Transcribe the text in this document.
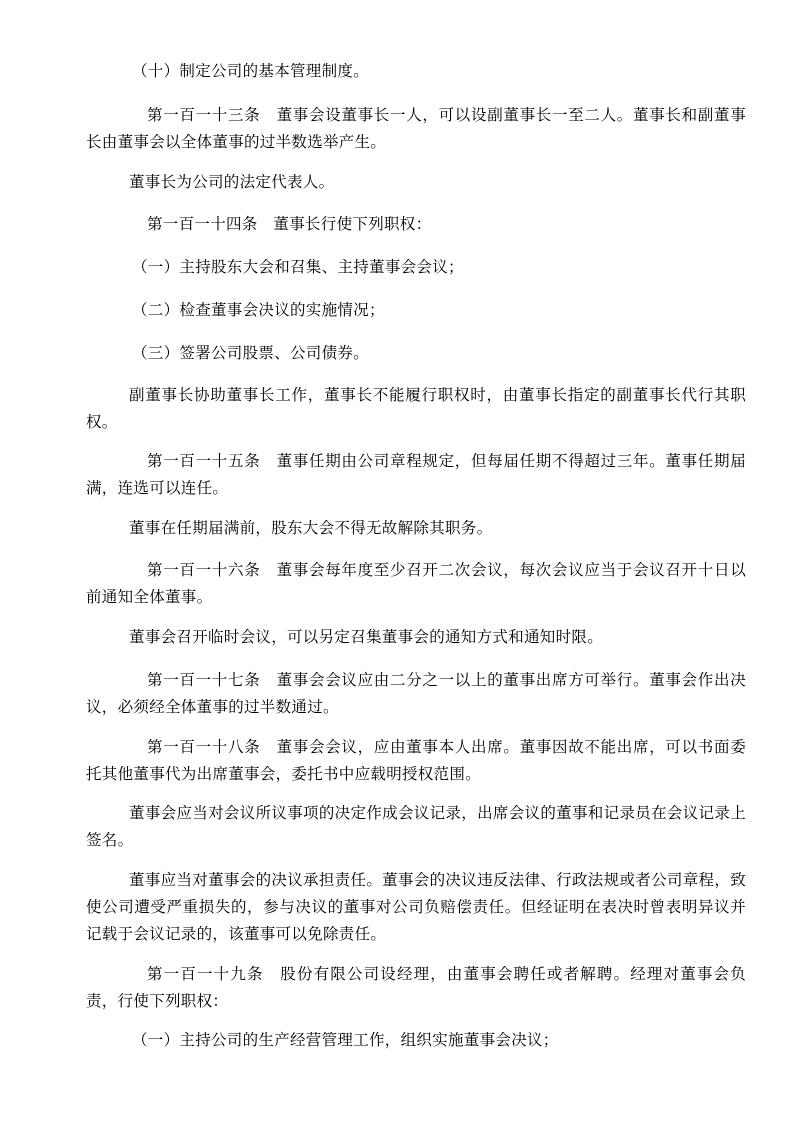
（十）制定公司的基本管理制度。

第一百一十三条　董事会设董事长一人，可以设副董事长一至二人。董事长和副董事长由董事会以全体董事的过半数选举产生。

董事长为公司的法定代表人。

第一百一十四条　董事长行使下列职权：

（一）主持股东大会和召集、主持董事会会议；

（二）检查董事会决议的实施情况；

（三）签署公司股票、公司债券。

副董事长协助董事长工作，董事长不能履行职权时，由董事长指定的副董事长代行其职权。

第一百一十五条　董事任期由公司章程规定，但每届任期不得超过三年。董事任期届满，连选可以连任。

董事在任期届满前，股东大会不得无故解除其职务。

第一百一十六条　董事会每年度至少召开二次会议，每次会议应当于会议召开十日以前通知全体董事。

董事会召开临时会议，可以另定召集董事会的通知方式和通知时限。

第一百一十七条　董事会会议应由二分之一以上的董事出席方可举行。董事会作出决议，必须经全体董事的过半数通过。

第一百一十八条　董事会会议，应由董事本人出席。董事因故不能出席，可以书面委托其他董事代为出席董事会，委托书中应载明授权范围。

董事会应当对会议所议事项的决定作成会议记录，出席会议的董事和记录员在会议记录上签名。

董事应当对董事会的决议承担责任。董事会的决议违反法律、行政法规或者公司章程，致使公司遭受严重损失的，参与决议的董事对公司负赔偿责任。但经证明在表决时曾表明异议并记载于会议记录的，该董事可以免除责任。

第一百一十九条　股份有限公司设经理，由董事会聘任或者解聘。经理对董事会负责，行使下列职权：

（一）主持公司的生产经营管理工作，组织实施董事会决议；
